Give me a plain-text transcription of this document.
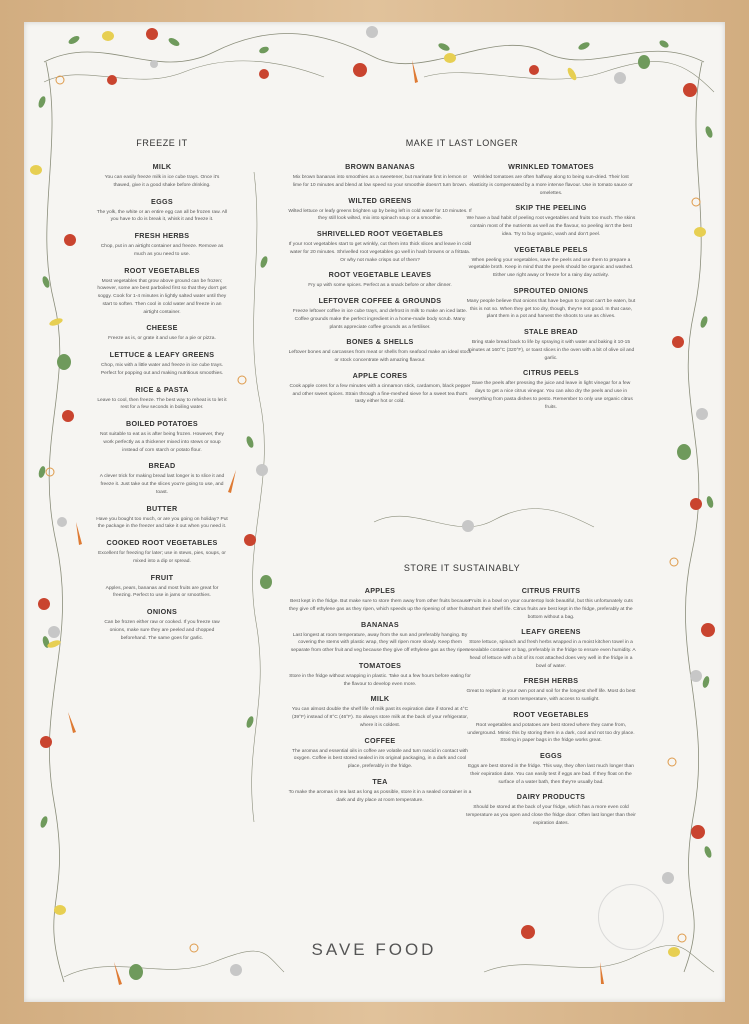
FREEZE IT	MAKE IT LAST LONGER
STORE IT SUSTAINABLY
MILK

You can easily freeze milk in ice cube trays. Once it's thawed, give it a good shake before drinking.

EGGS

The yolk, the white or an entire egg can all be frozen raw. All you have to do is break it, whisk it and freeze it.

FRESH HERBS

Chop, put in an airtight container and freeze. Remove as much as you need to use.

ROOT VEGETABLES

Most vegetables that grow above ground can be frozen; however, some are best parboiled first so that they don't get soggy. Cook for 1-4 minutes in lightly salted water until they start to soften. Then cool in cold water and freeze in an airtight container.

CHEESE

Freeze as is, or grate it and use for a pie or pizza.

LETTUCE & LEAFY GREENS

Chop, mix with a little water and freeze in ice cube trays. Perfect for popping out and making nutritious smoothies.

RICE & PASTA

Leave to cool, then freeze. The best way to reheat is to let it rest for a few seconds in boiling water.

BOILED POTATOES

Not suitable to eat as is after being frozen. However, they work perfectly as a thickener mixed into stews or soup instead of corn starch or potato flour.

BREAD

A clever trick for making bread last longer is to slice it and freeze it. Just take out the slices you're going to use, and toast.

BUTTER

Have you bought too much, or are you going on holiday? Put the package in the freezer and take it out when you need it.

COOKED ROOT VEGETABLES

Excellent for freezing for later; use in stews, pies, soups, or mixed into a dip or spread.

FRUIT

Apples, pears, bananas and most fruits are great for freezing. Perfect to use in jams or smoothies.

ONIONS

Can be frozen either raw or cooked. If you freeze raw onions, make sure they are peeled and chopped beforehand. The same goes for garlic.

BROWN BANANAS

Mix brown bananas into smoothies as a sweetener, but marinate first in lemon or lime for 10 minutes and blend at low speed so your smoothie doesn't turn brown.

WILTED GREENS

Wilted lettuce or leafy greens brighten up by being left in cold water for 10 minutes. If they still look wilted, mix into spinach soup or a smoothie.

SHRIVELLED ROOT VEGETABLES

If your root vegetables start to get wrinkly, cut them into thick slices and leave in cold water for 20 minutes. Shrivelled root vegetables go well in hash browns or a frittata. Or why not make crisps out of them?

ROOT VEGETABLE LEAVES

Fry up with some spices. Perfect as a snack before or after dinner.

LEFTOVER COFFEE & GROUNDS

Freeze leftover coffee in ice cube trays, and defrost in milk to make an iced latte. Coffee grounds make the perfect ingredient in a home-made body scrub. Many plants appreciate coffee grounds as a fertiliser.

BONES & SHELLS

Leftover bones and carcasses from meat or shells from seafood make an ideal stock or stock concentrate with amazing flavour.

APPLE CORES

Cook apple cores for a few minutes with a cinnamon stick, cardamom, black pepper and other sweet spices. Strain through a fine-meshed sieve for a sweet tea that's tasty either hot or cold.

WRINKLED TOMATOES

Wrinkled tomatoes are often halfway along to being sun-dried. Their lost elasticity is compensated by a more intense flavour. Use in tomato sauce or omelettes.

SKIP THE PEELING

We have a bad habit of peeling root vegetables and fruits too much. The skins contain most of the nutrients as well as the flavour, so peeling isn't the best idea. Try to buy organic, wash and don't peel.

VEGETABLE PEELS

When peeling your vegetables, save the peels and use them to prepare a vegetable broth. Keep in mind that the peels should be organic and washed. Either use right away or freeze for a rainy day activity.

SPROUTED ONIONS

Many people believe that onions that have begun to sprout can't be eaten, but this is not so. When they get too dry, though, they're not good. In that case, plant them in a pot and harvest the shoots to use as chives.

STALE BREAD

Bring stale bread back to life by spraying it with water and baking it 10-15 minutes at 160°C (320°F), or toast slices in the oven with a bit of olive oil and garlic.

CITRUS PEELS

Save the peels after pressing the juice and leave in light vinegar for a few days to get a nice citrus vinegar. You can also dry the peels and use in everything from pasta dishes to pesto. Remember to only use organic citrus fruits.

APPLES

Best kept in the fridge. But make sure to store them away from other fruits because they give off ethylene gas as they ripen, which speeds up the ripening of other fruits.

BANANAS

Last longest at room temperature, away from the sun and preferably hanging. By covering the stems with plastic wrap, they will ripen more slowly. Keep them separate from other fruit and veg because they give off ethylene gas as they ripen.

TOMATOES

Store in the fridge without wrapping in plastic. Take out a few hours before eating for the flavour to develop even more.

MILK

You can almost double the shelf life of milk past its expiration date if stored at 4°C (39°F) instead of 8°C (46°F). So always store milk at the back of your refrigerator, where it is coldest.

COFFEE

The aromas and essential oils in coffee are volatile and turn rancid in contact with oxygen. Coffee is best stored sealed in its original packaging, in a dark and cool place, preferably in the fridge.

TEA

To make the aromas in tea last as long as possible, store it in a sealed container in a dark and dry place at room temperature.

CITRUS FRUITS

Fruits in a bowl on your countertop look beautiful, but this unfortunately cuts short their shelf life. Citrus fruits are best kept in the fridge, preferably at the bottom without a bag.

LEAFY GREENS

Store lettuce, spinach and fresh herbs wrapped in a moist kitchen towel in a resealable container or bag, preferably in the fridge to ensure even humidity. A head of lettuce with a bit of its root attached does very well in the fridge in a bowl of water.

FRESH HERBS

Great to replant in your own pot and soil for the longest shelf life. Most do best at room temperature, with access to sunlight.

ROOT VEGETABLES

Root vegetables and potatoes are best stored where they came from, underground. Mimic this by storing them in a dark, cool and not too dry place. Storing in paper bags in the fridge works great.

EGGS

Eggs are best stored in the fridge. This way, they often last much longer than their expiration date. You can easily test if eggs are bad. If they float on the surface of a water bath, then they're usually bad.

DAIRY PRODUCTS

Should be stored at the back of your fridge, which has a more even cold temperature as you open and close the fridge door. Often last longer than their expiration dates.

SAVE FOOD
